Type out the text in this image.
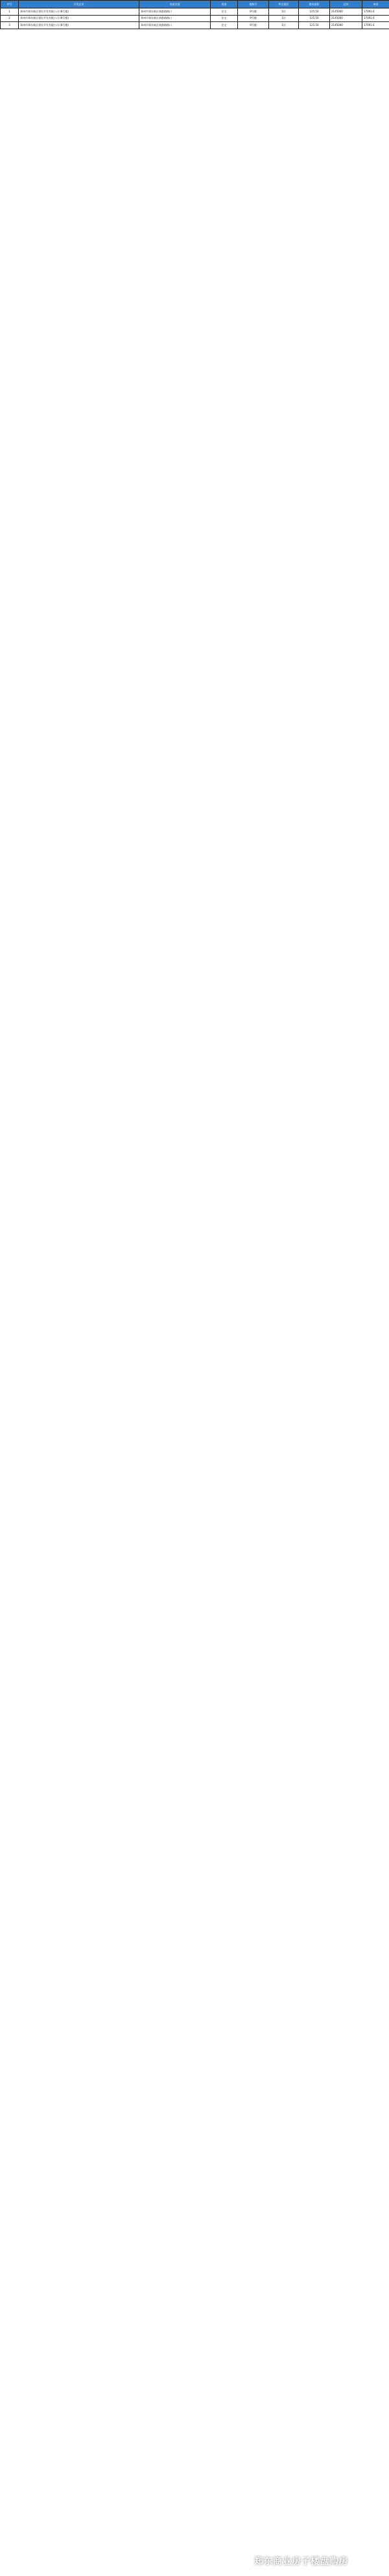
序号	开发企业	房屋坐落	用途	楼栋号	所在楼层	建筑面积	总价	单价
1	郑州市郑东新区建设开发有限公司 (8号楼)	郑州市郑东新区商都路路口	住宅	9号楼	1层	125.50	2145000	17091.6
2	郑州市郑东新区建设开发有限公司 (8号楼)	郑州市郑东新区商都路路口	住宅	9号楼	1层	125.50	2145000	17091.6
3	郑州市郑东新区建设开发有限公司 (8号楼)	郑州市郑东新区商都路路口	住宅	9号楼	1层	125.50	2145000	17091.6
郑东商业房子楼盘购房
